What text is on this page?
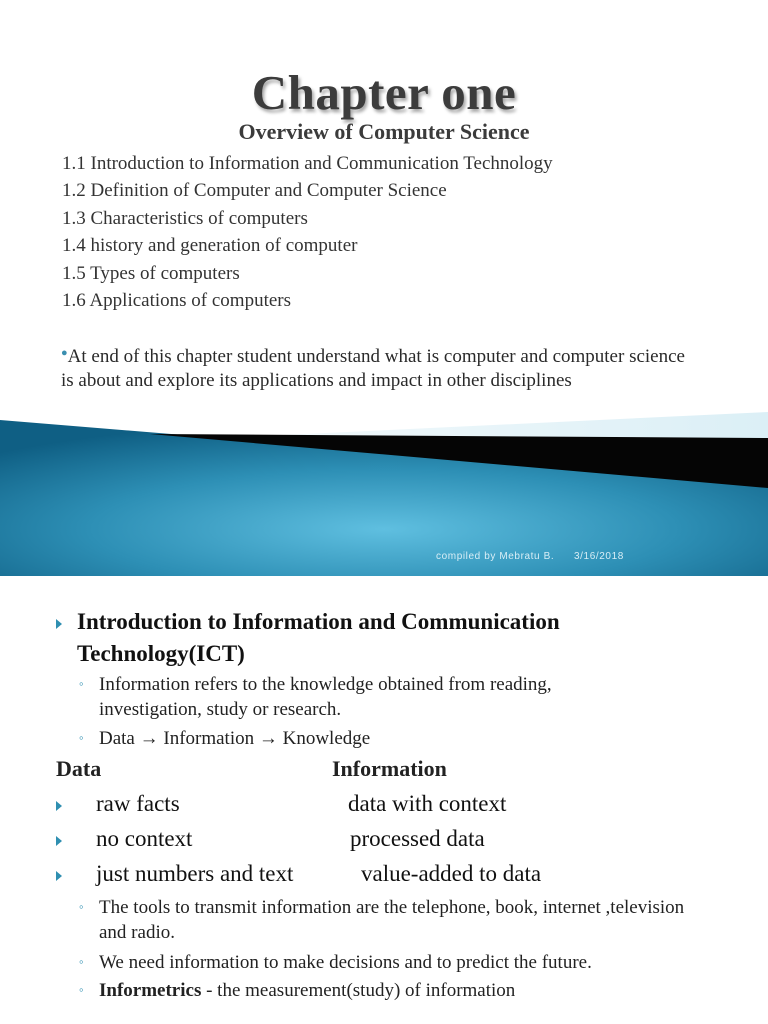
Chapter one
Overview of Computer Science
1.1 Introduction to Information and Communication Technology
1.2 Definition of Computer and Computer Science
1.3 Characteristics of computers
1.4 history and generation of computer
1.5 Types of computers
1.6 Applications of computers
●At end of this chapter student understand what is computer and computer science is about and explore its applications and impact in other disciplines
compiled by Mebratu B. 3/16/2018
Introduction to Information and Communication Technology(ICT)
◦ Information refers to the knowledge obtained from reading, investigation, study or research.
◦ Data → Information → Knowledge
Data	Information
raw facts	data with context
no context	processed data
just numbers and text	value-added to data
◦ The tools to transmit information are the telephone, book, internet ,television and radio.
◦ We need information to make decisions and to predict the future.
◦ Informetrics - the measurement(study) of information
